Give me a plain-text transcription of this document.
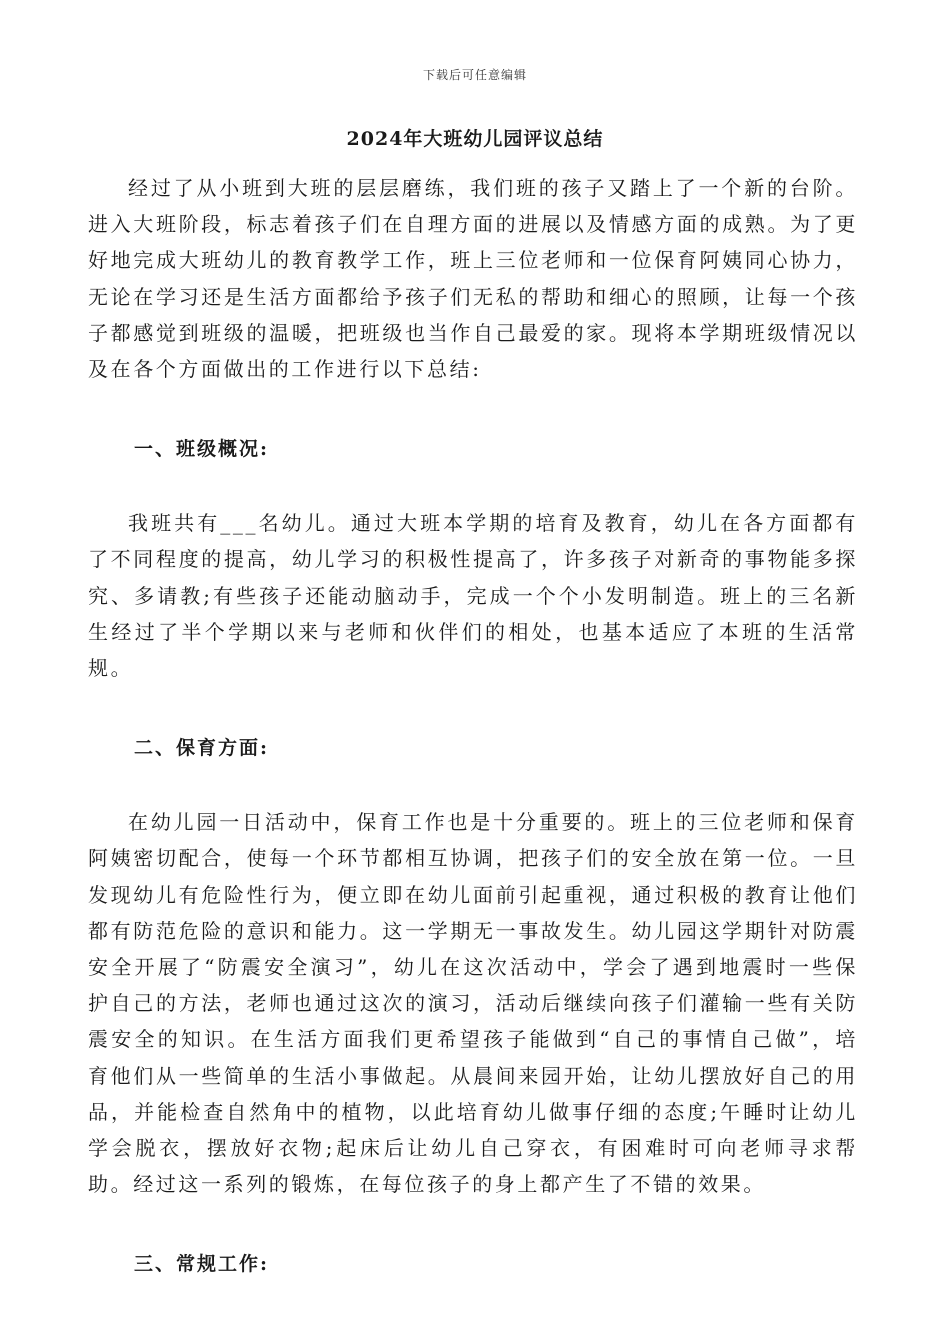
下载后可任意编辑
2024年大班幼儿园评议总结

经过了从小班到大班的层层磨练，我们班的孩子又踏上了一个新的台阶。进入大班阶段，标志着孩子们在自理方面的进展以及情感方面的成熟。为了更好地完成大班幼儿的教育教学工作，班上三位老师和一位保育阿姨同心协力，无论在学习还是生活方面都给予孩子们无私的帮助和细心的照顾，让每一个孩子都感觉到班级的温暖，把班级也当作自己最爱的家。现将本学期班级情况以及在各个方面做出的工作进行以下总结:

一、班级概况:

我班共有___名幼儿。通过大班本学期的培育及教育，幼儿在各方面都有了不同程度的提高，幼儿学习的积极性提高了，许多孩子对新奇的事物能多探究、多请教;有些孩子还能动脑动手，完成一个个小发明制造。班上的三名新生经过了半个学期以来与老师和伙伴们的相处，也基本适应了本班的生活常规。

二、保育方面:

在幼儿园一日活动中，保育工作也是十分重要的。班上的三位老师和保育阿姨密切配合，使每一个环节都相互协调，把孩子们的安全放在第一位。一旦发现幼儿有危险性行为，便立即在幼儿面前引起重视，通过积极的教育让他们都有防范危险的意识和能力。这一学期无一事故发生。幼儿园这学期针对防震安全开展了“防震安全演习”，幼儿在这次活动中，学会了遇到地震时一些保护自己的方法，老师也通过这次的演习，活动后继续向孩子们灌输一些有关防震安全的知识。在生活方面我们更希望孩子能做到“自己的事情自己做”，培育他们从一些简单的生活小事做起。从晨间来园开始，让幼儿摆放好自己的用品，并能检查自然角中的植物，以此培育幼儿做事仔细的态度;午睡时让幼儿学会脱衣，摆放好衣物;起床后让幼儿自己穿衣，有困难时可向老师寻求帮助。经过这一系列的锻炼，在每位孩子的身上都产生了不错的效果。

三、常规工作:
